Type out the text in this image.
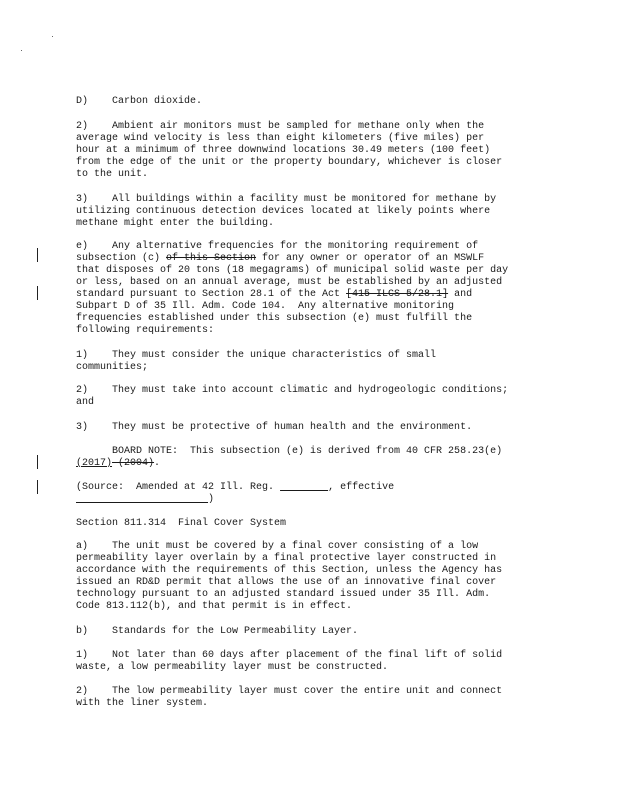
D)    Carbon dioxide.
2)    Ambient air monitors must be sampled for methane only when the
average wind velocity is less than eight kilometers (five miles) per
hour at a minimum of three downwind locations 30.49 meters (100 feet)
from the edge of the unit or the property boundary, whichever is closer
to the unit.
3)    All buildings within a facility must be monitored for methane by
utilizing continuous detection devices located at likely points where
methane might enter the building.
e)    Any alternative frequencies for the monitoring requirement of
subsection (c) of this Section for any owner or operator of an MSWLF
that disposes of 20 tons (18 megagrams) of municipal solid waste per day
or less, based on an annual average, must be established by an adjusted
standard pursuant to Section 28.1 of the Act [415 ILCS 5/28.1] and
Subpart D of 35 Ill. Adm. Code 104.  Any alternative monitoring
frequencies established under this subsection (e) must fulfill the
following requirements:
1)    They must consider the unique characteristics of small
communities;
2)    They must take into account climatic and hydrogeologic conditions;
and
3)    They must be protective of human health and the environment.
BOARD NOTE:  This subsection (e) is derived from 40 CFR 258.23(e)
(2017) (2004).
(Source:  Amended at 42 Ill. Reg.	, effective
)
Section 811.314  Final Cover System
a)    The unit must be covered by a final cover consisting of a low
permeability layer overlain by a final protective layer constructed in
accordance with the requirements of this Section, unless the Agency has
issued an RD&D permit that allows the use of an innovative final cover
technology pursuant to an adjusted standard issued under 35 Ill. Adm.
Code 813.112(b), and that permit is in effect.
b)    Standards for the Low Permeability Layer.
1)    Not later than 60 days after placement of the final lift of solid
waste, a low permeability layer must be constructed.
2)    The low permeability layer must cover the entire unit and connect
with the liner system.
